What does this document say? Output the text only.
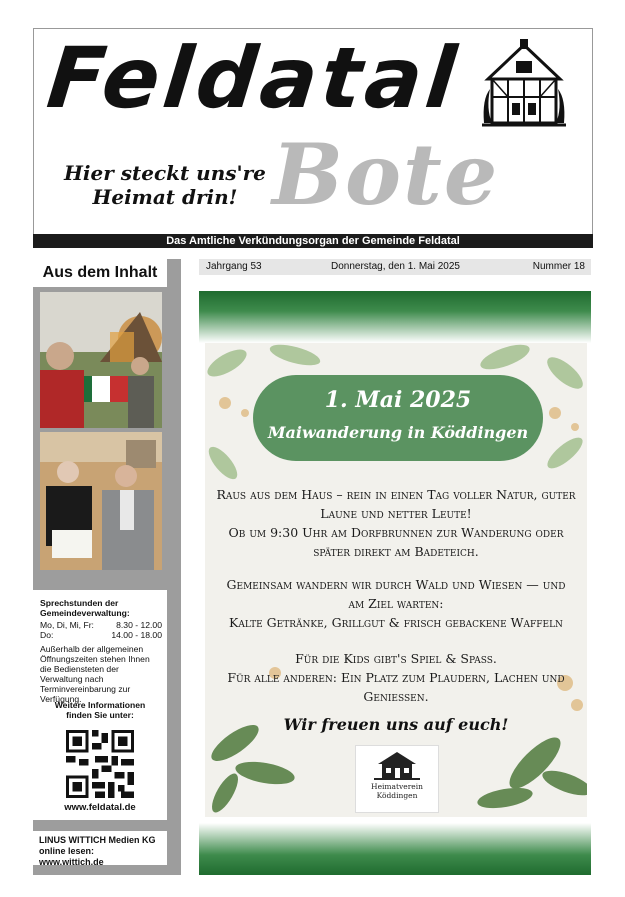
Feldatal
Hier steckt uns're
Heimat drin! Bote
Das Amtliche Verkündungsorgan der Gemeinde Feldatal
Aus dem Inhalt
Sprechstunden der Gemeindeverwaltung:
Mo, Di, Mi, Fr:	8.30 - 12.00
Do:	14.00 - 18.00
Außerhalb der allgemeinen Öffnungszeiten stehen Ihnen die Bediensteten der Verwaltung nach Terminvereinbarung zur Verfügung.
Weitere Informationen finden Sie unter:
www.feldatal.de
LINUS WITTICH Medien KG
online lesen: www.wittich.de
Jahrgang 53	Donnerstag, den 1. Mai 2025	Nummer 18
1. Mai 2025
Maiwanderung in Köddingen
Raus aus dem Haus – rein in einen Tag voller Natur, guter
Laune und netter Leute!
Ob um 9:30 Uhr am Dorfbrunnen zur Wanderung oder
später direkt am Badeteich.
Gemeinsam wandern wir durch Wald und Wiesen — und
am Ziel warten:
Kalte Getränke, Grillgut & frisch gebackene Waffeln
Für die Kids gibt's Spiel & Spaß.
Für alle anderen: Ein Platz zum Plaudern, Lachen und
Genießen.
Wir freuen uns auf euch!
Heimatverein
Köddingen
